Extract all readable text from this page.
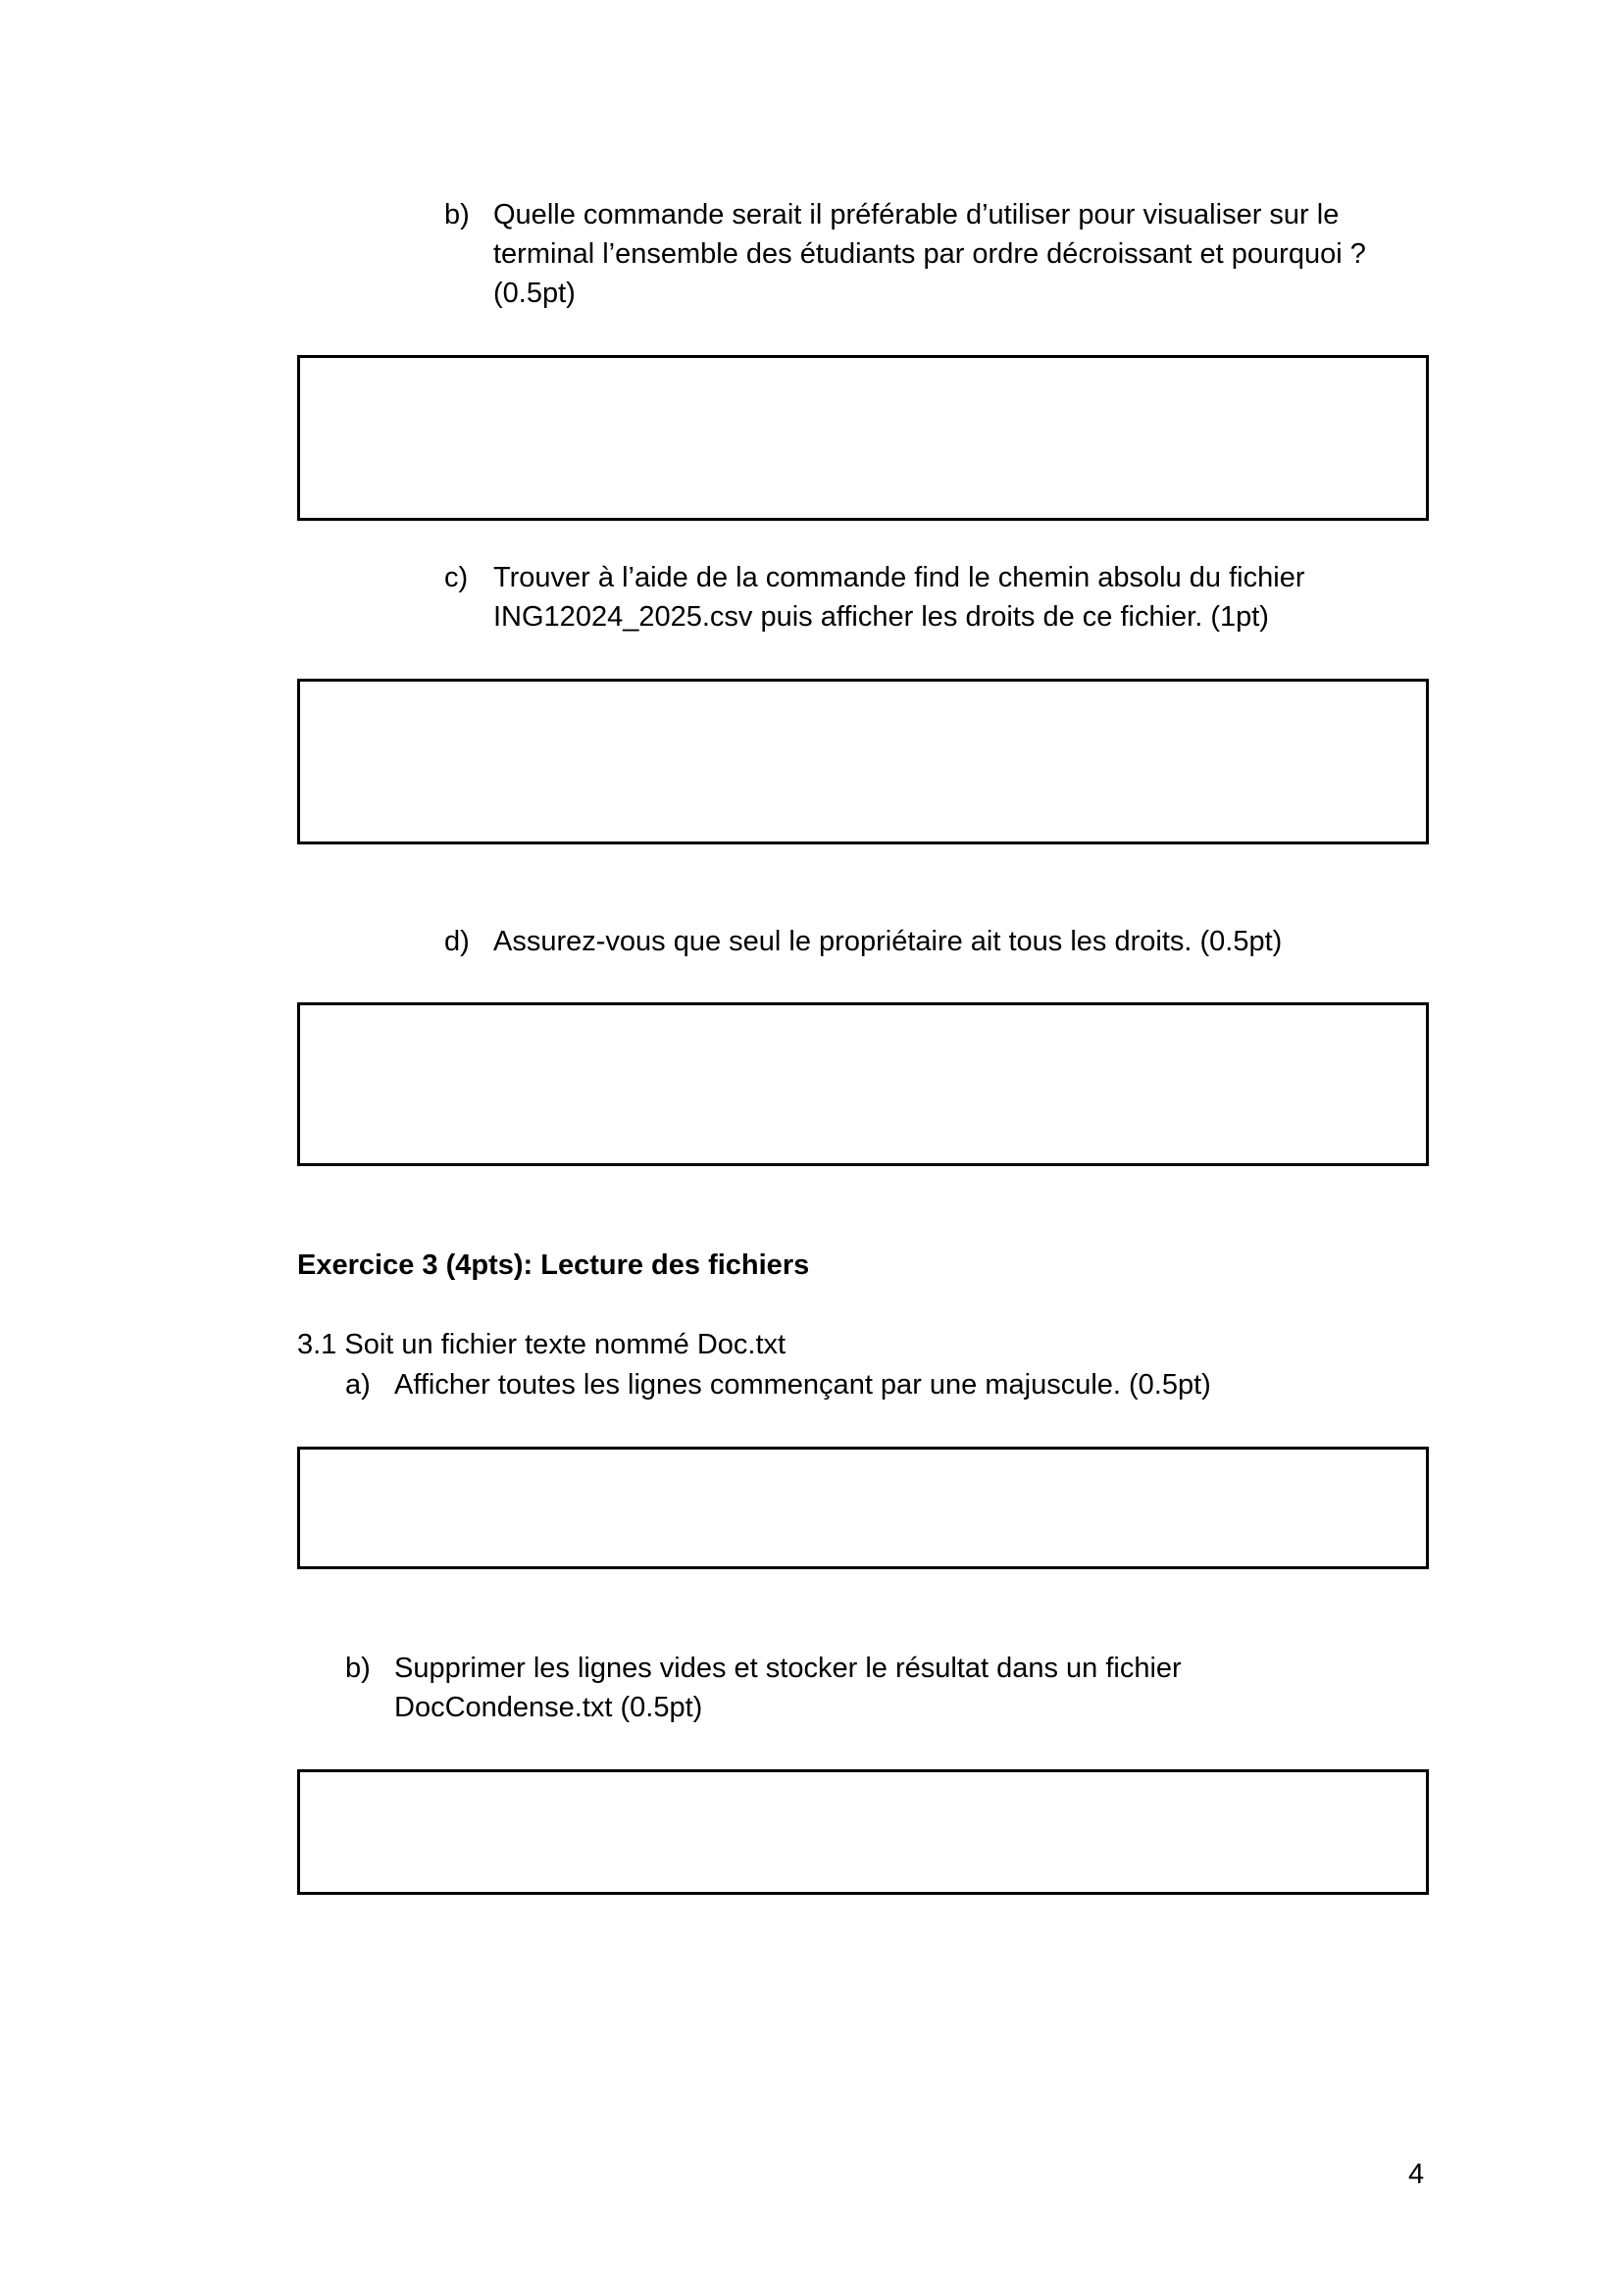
b) Quelle commande serait il préférable d’utiliser pour visualiser sur le
terminal l’ensemble des étudiants par ordre décroissant et pourquoi ?
(0.5pt)
c) Trouver à l’aide de la commande find le chemin absolu du fichier
ING12024_2025.csv puis afficher les droits de ce fichier. (1pt)
d) Assurez-vous que seul le propriétaire ait tous les droits. (0.5pt)
Exercice 3 (4pts): Lecture des fichiers
3.1 Soit un fichier texte nommé Doc.txt
a) Afficher toutes les lignes commençant par une majuscule. (0.5pt)
b) Supprimer les lignes vides et stocker le résultat dans un fichier
DocCondense.txt (0.5pt)
4
